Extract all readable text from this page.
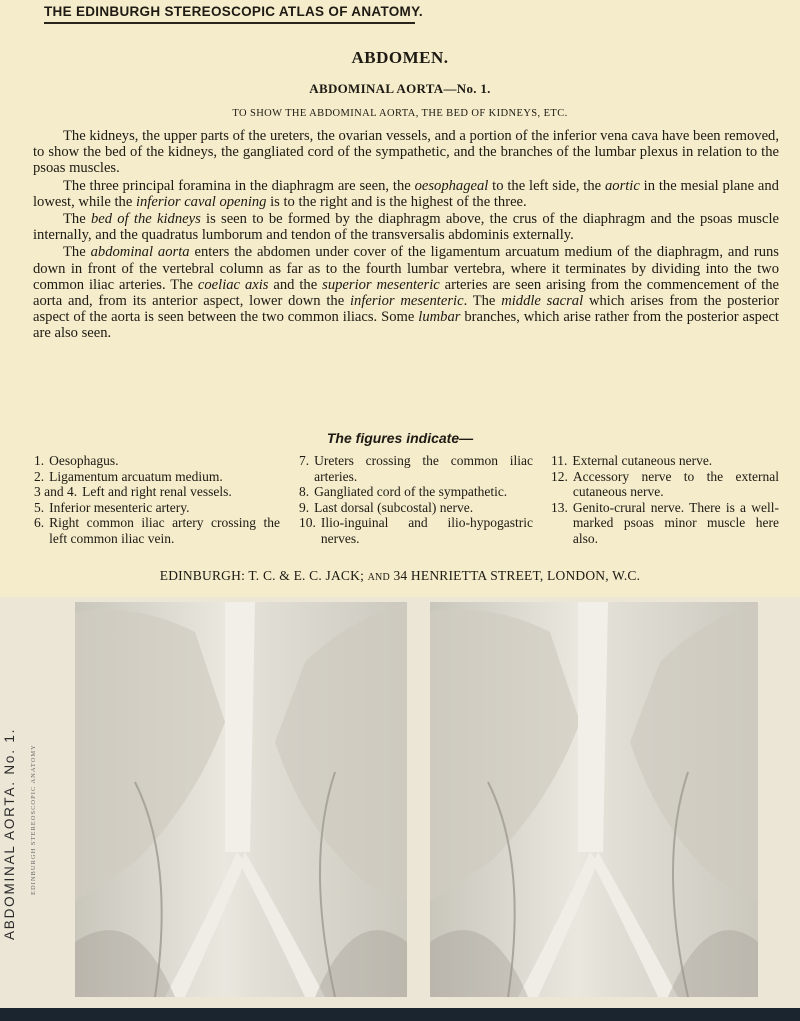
THE EDINBURGH STEREOSCOPIC ATLAS OF ANATOMY.
ABDOMEN.
ABDOMINAL AORTA—No. 1.
TO SHOW THE ABDOMINAL AORTA, THE BED OF KIDNEYS, ETC.

The kidneys, the upper parts of the ureters, the ovarian vessels, and a portion of the inferior vena cava have been removed, to show the bed of the kidneys, the gangliated cord of the sympathetic, and the branches of the lumbar plexus in relation to the psoas muscles.

The three principal foramina in the diaphragm are seen, the oesophageal to the left side, the aortic in the mesial plane and lowest, while the inferior caval opening is to the right and is the highest of the three.

The bed of the kidneys is seen to be formed by the diaphragm above, the crus of the diaphragm and the psoas muscle internally, and the quadratus lumborum and tendon of the transversalis abdominis externally.

The abdominal aorta enters the abdomen under cover of the ligamentum arcuatum medium of the diaphragm, and runs down in front of the vertebral column as far as to the fourth lumbar vertebra, where it terminates by dividing into the two common iliac arteries. The coeliac axis and the superior mesenteric arteries are seen arising from the commencement of the aorta and, from its anterior aspect, lower down the inferior mesenteric. The middle sacral which arises from the posterior aspect of the aorta is seen between the two common iliacs. Some lumbar branches, which arise rather from the posterior aspect are also seen.

The figures indicate—
1. Oesophagus.
2. Ligamentum arcuatum medium.
3 and 4. Left and right renal vessels.
5. Inferior mesenteric artery.
6. Right common iliac artery crossing the left common iliac vein.
7. Ureters crossing the common iliac arteries.
8. Gangliated cord of the sympathetic.
9. Last dorsal (subcostal) nerve.
10. Ilio-inguinal and ilio-hypogastric nerves.
11. External cutaneous nerve.
12. Accessory nerve to the external cutaneous nerve.
13. Genito-crural nerve. There is a well-marked psoas minor muscle here also.
EDINBURGH: T. C. & E. C. JACK; AND 34 HENRIETTA STREET, LONDON, W.C.
ABDOMINAL AORTA. No. 1. EDINBURGH STEREOSCOPIC ANATOMY
